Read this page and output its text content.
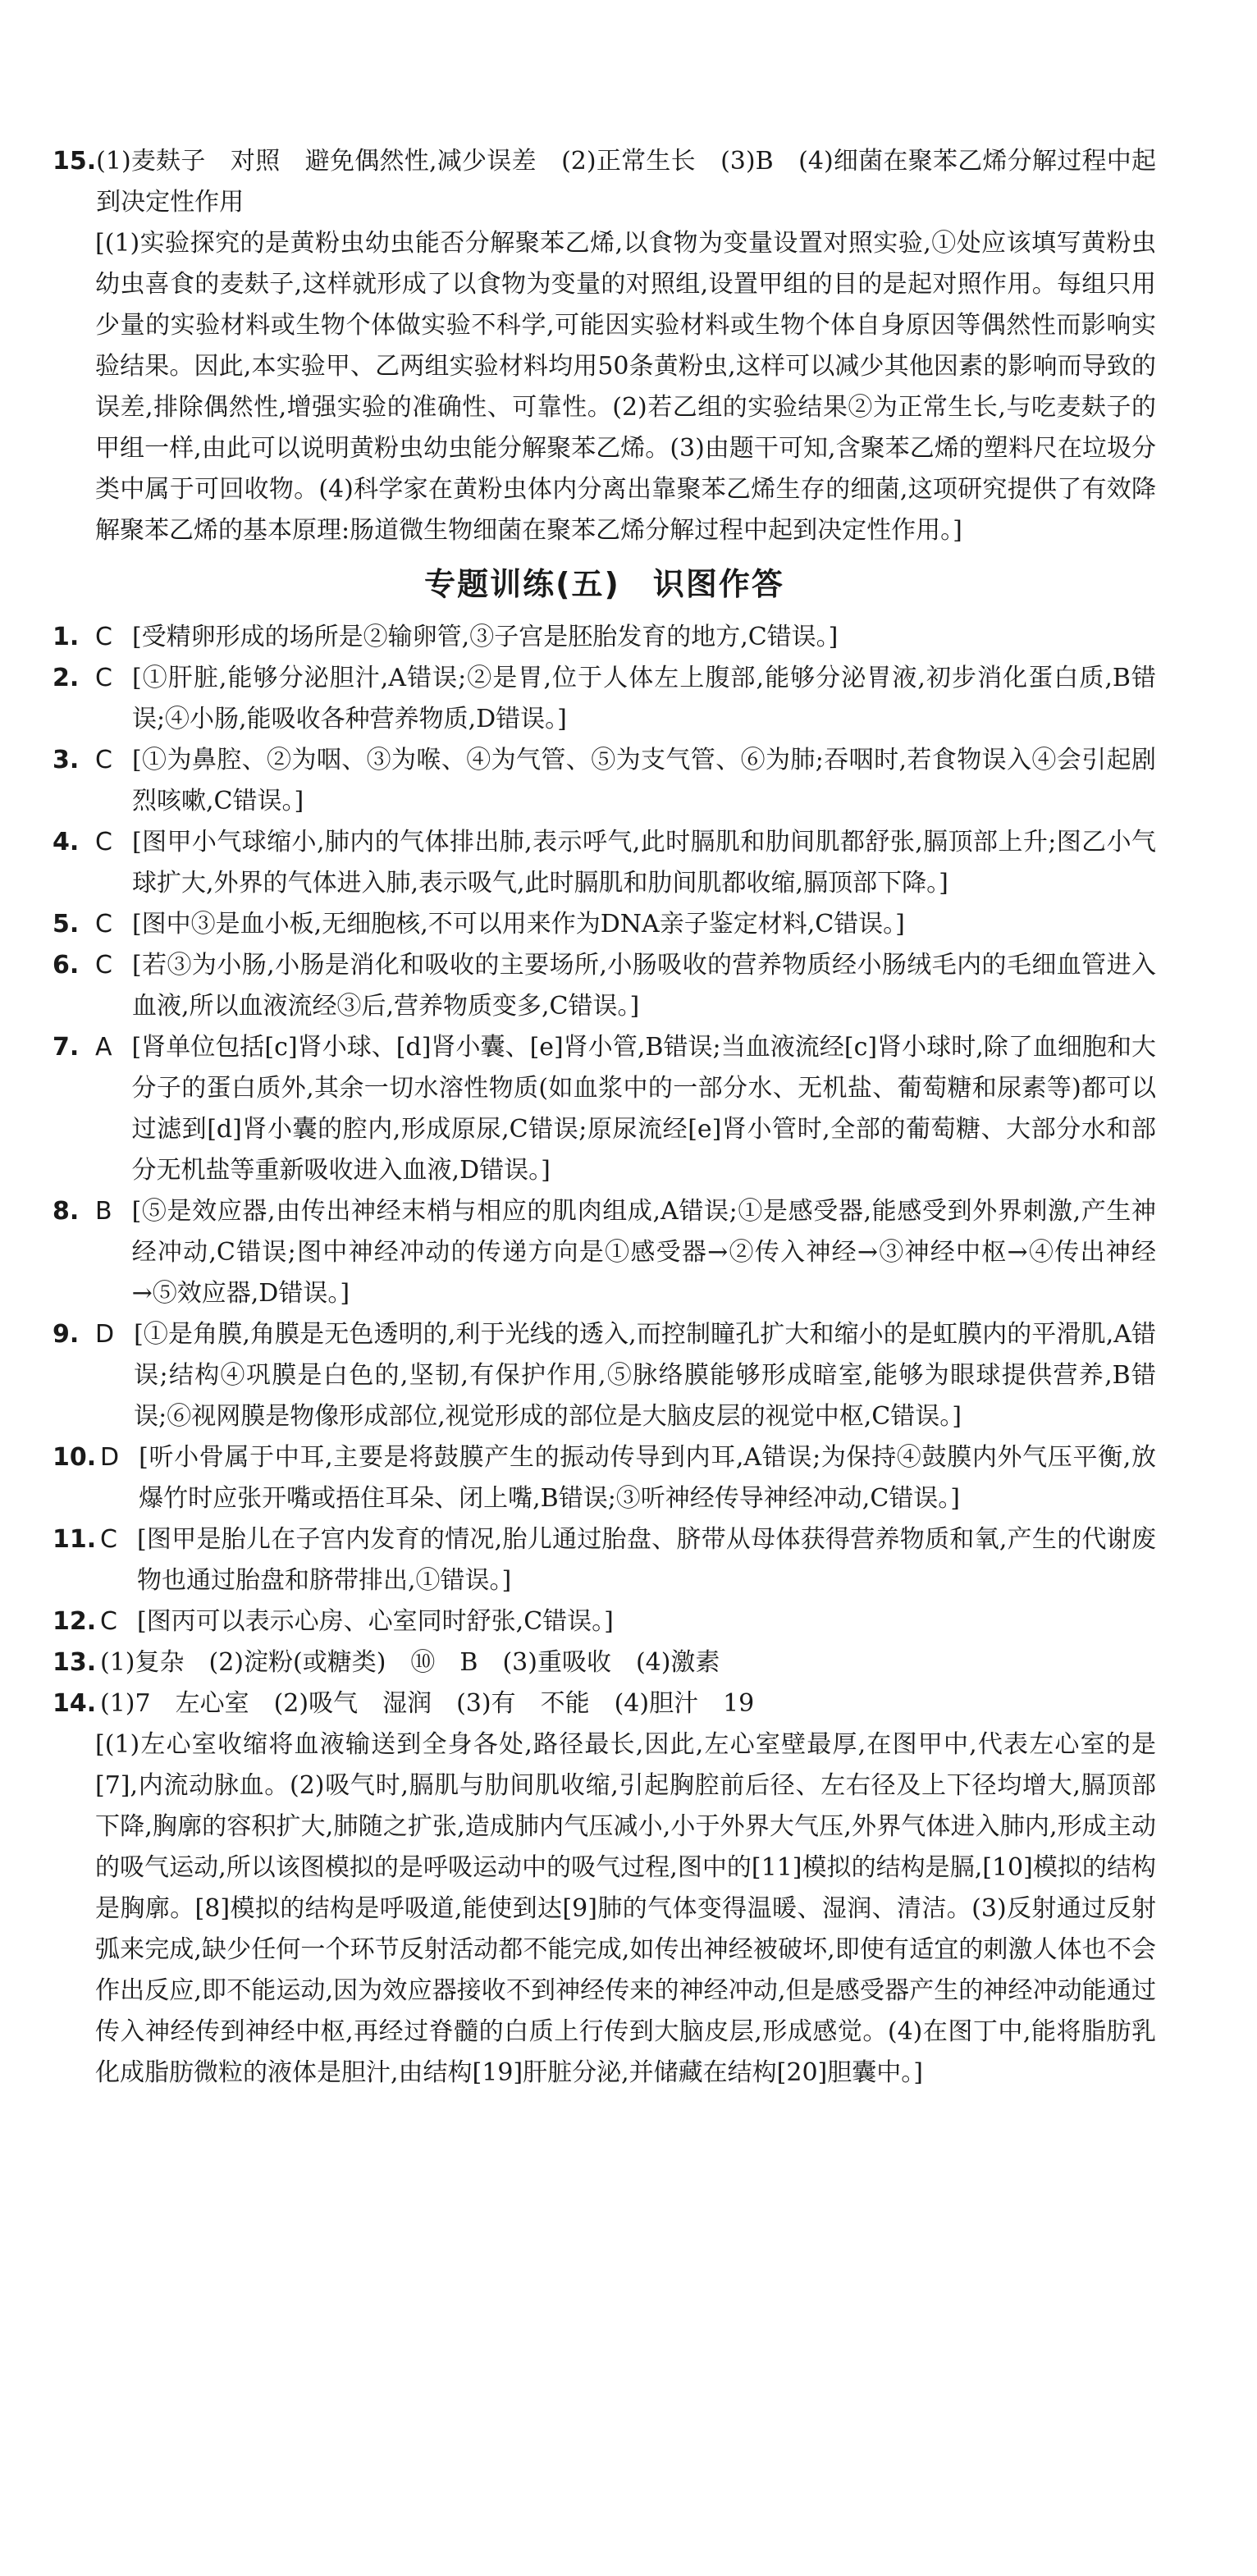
15. (1)麦麸子　对照　避免偶然性,减少误差　(2)正常生长　(3)B　(4)细菌在聚苯乙烯分解过程中起到决定性作用
[(1)实验探究的是黄粉虫幼虫能否分解聚苯乙烯,以食物为变量设置对照实验,①处应该填写黄粉虫幼虫喜食的麦麸子,这样就形成了以食物为变量的对照组,设置甲组的目的是起对照作用。每组只用少量的实验材料或生物个体做实验不科学,可能因实验材料或生物个体自身原因等偶然性而影响实验结果。因此,本实验甲、乙两组实验材料均用50条黄粉虫,这样可以减少其他因素的影响而导致的误差,排除偶然性,增强实验的准确性、可靠性。(2)若乙组的实验结果②为正常生长,与吃麦麸子的甲组一样,由此可以说明黄粉虫幼虫能分解聚苯乙烯。(3)由题干可知,含聚苯乙烯的塑料尺在垃圾分类中属于可回收物。(4)科学家在黄粉虫体内分离出靠聚苯乙烯生存的细菌,这项研究提供了有效降解聚苯乙烯的基本原理:肠道微生物细菌在聚苯乙烯分解过程中起到决定性作用。]
专题训练(五)　识图作答
1. C [受精卵形成的场所是②输卵管,③子宫是胚胎发育的地方,C错误。]
2. C [①肝脏,能够分泌胆汁,A错误;②是胃,位于人体左上腹部,能够分泌胃液,初步消化蛋白质,B错误;④小肠,能吸收各种营养物质,D错误。]
3. C [①为鼻腔、②为咽、③为喉、④为气管、⑤为支气管、⑥为肺;吞咽时,若食物误入④会引起剧烈咳嗽,C错误。]
4. C [图甲小气球缩小,肺内的气体排出肺,表示呼气,此时膈肌和肋间肌都舒张,膈顶部上升;图乙小气球扩大,外界的气体进入肺,表示吸气,此时膈肌和肋间肌都收缩,膈顶部下降。]
5. C [图中③是血小板,无细胞核,不可以用来作为DNA亲子鉴定材料,C错误。]
6. C [若③为小肠,小肠是消化和吸收的主要场所,小肠吸收的营养物质经小肠绒毛内的毛细血管进入血液,所以血液流经③后,营养物质变多,C错误。]
7. A [肾单位包括[c]肾小球、[d]肾小囊、[e]肾小管,B错误;当血液流经[c]肾小球时,除了血细胞和大分子的蛋白质外,其余一切水溶性物质(如血浆中的一部分水、无机盐、葡萄糖和尿素等)都可以过滤到[d]肾小囊的腔内,形成原尿,C错误;原尿流经[e]肾小管时,全部的葡萄糖、大部分水和部分无机盐等重新吸收进入血液,D错误。]
8. B [⑤是效应器,由传出神经末梢与相应的肌肉组成,A错误;①是感受器,能感受到外界刺激,产生神经冲动,C错误;图中神经冲动的传递方向是①感受器→②传入神经→③神经中枢→④传出神经→⑤效应器,D错误。]
9. D [①是角膜,角膜是无色透明的,利于光线的透入,而控制瞳孔扩大和缩小的是虹膜内的平滑肌,A错误;结构④巩膜是白色的,坚韧,有保护作用,⑤脉络膜能够形成暗室,能够为眼球提供营养,B错误;⑥视网膜是物像形成部位,视觉形成的部位是大脑皮层的视觉中枢,C错误。]
10. D [听小骨属于中耳,主要是将鼓膜产生的振动传导到内耳,A错误;为保持④鼓膜内外气压平衡,放爆竹时应张开嘴或捂住耳朵、闭上嘴,B错误;③听神经传导神经冲动,C错误。]
11. C [图甲是胎儿在子宫内发育的情况,胎儿通过胎盘、脐带从母体获得营养物质和氧,产生的代谢废物也通过胎盘和脐带排出,①错误。]
12. C [图丙可以表示心房、心室同时舒张,C错误。]
13. (1)复杂　(2)淀粉(或糖类)　⑩　B　(3)重吸收　(4)激素
14. (1)7　左心室　(2)吸气　湿润　(3)有　不能　(4)胆汁　19
[(1)左心室收缩将血液输送到全身各处,路径最长,因此,左心室壁最厚,在图甲中,代表左心室的是[7],内流动脉血。(2)吸气时,膈肌与肋间肌收缩,引起胸腔前后径、左右径及上下径均增大,膈顶部下降,胸廓的容积扩大,肺随之扩张,造成肺内气压减小,小于外界大气压,外界气体进入肺内,形成主动的吸气运动,所以该图模拟的是呼吸运动中的吸气过程,图中的[11]模拟的结构是膈,[10]模拟的结构是胸廓。[8]模拟的结构是呼吸道,能使到达[9]肺的气体变得温暖、湿润、清洁。(3)反射通过反射弧来完成,缺少任何一个环节反射活动都不能完成,如传出神经被破坏,即使有适宜的刺激人体也不会作出反应,即不能运动,因为效应器接收不到神经传来的神经冲动,但是感受器产生的神经冲动能通过传入神经传到神经中枢,再经过脊髓的白质上行传到大脑皮层,形成感觉。(4)在图丁中,能将脂肪乳化成脂肪微粒的液体是胆汁,由结构[19]肝脏分泌,并储藏在结构[20]胆囊中。]
